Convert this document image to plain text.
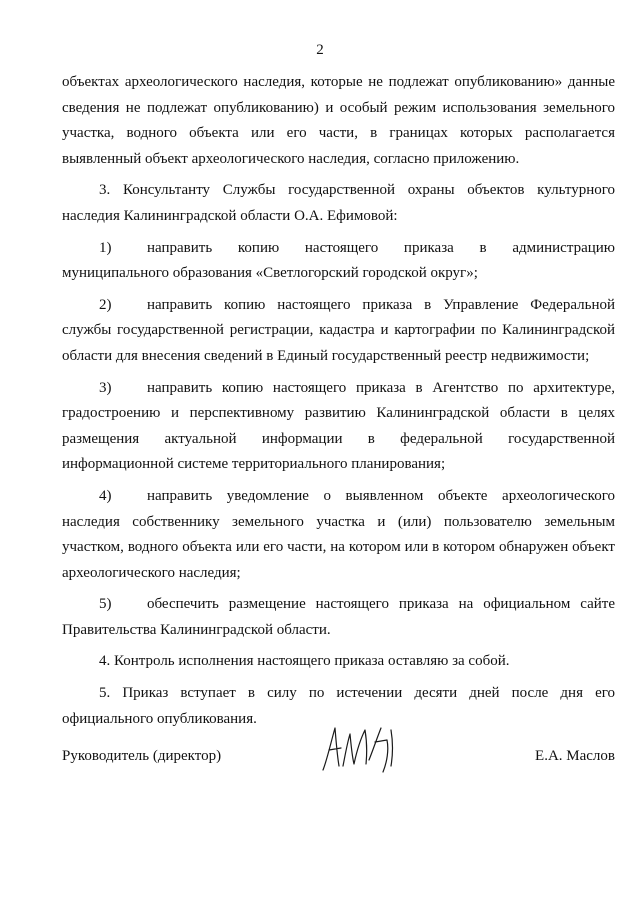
2

объектах археологического наследия, которые не подлежат опубликованию» данные сведения не подлежат опубликованию) и особый режим использования земельного участка, водного объекта или его части, в границах которых располагается выявленный объект археологического наследия, согласно приложению.

3. Консультанту Службы государственной охраны объектов культурного наследия Калининградской области О.А. Ефимовой:

1) направить копию настоящего приказа в администрацию муниципального образования «Светлогорский городской округ»;

2) направить копию настоящего приказа в Управление Федеральной службы государственной регистрации, кадастра и картографии по Калининградской области для внесения сведений в Единый государственный реестр недвижимости;

3) направить копию настоящего приказа в Агентство по архитектуре, градостроению и перспективному развитию Калининградской области в целях размещения актуальной информации в федеральной государственной информационной системе территориального планирования;

4) направить уведомление о выявленном объекте археологического наследия собственнику земельного участка и (или) пользователю земельным участком, водного объекта или его части, на котором или в котором обнаружен объект археологического наследия;

5) обеспечить размещение настоящего приказа на официальном сайте Правительства Калининградской области.

4. Контроль исполнения настоящего приказа оставляю за собой.

5. Приказ вступает в силу по истечении десяти дней после дня его официального опубликования.

Руководитель (директор)	Е.А. Маслов
